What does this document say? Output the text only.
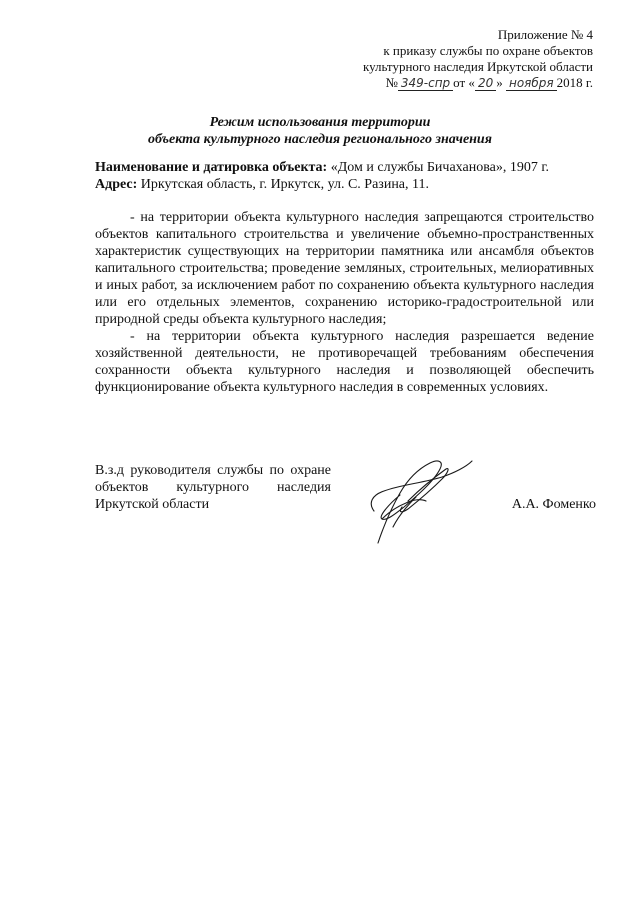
Приложение № 4
к приказу службы по охране объектов
культурного наследия Иркутской области
№ 349-спр от « 20 » ноября 2018 г.
Режим использования территории
объекта культурного наследия регионального значения
Наименование и датировка объекта: «Дом и службы Бичаханова», 1907 г.
Адрес: Иркутская область, г. Иркутск, ул. С. Разина, 11.

- на территории объекта культурного наследия запрещаются строительство объектов капитального строительства и увеличение объемно-пространственных характеристик существующих на территории памятника или ансамбля объектов капитального строительства; проведение земляных, строительных, мелиоративных и иных работ, за исключением работ по сохранению объекта культурного наследия или его отдельных элементов, сохранению историко-градостроительной или природной среды объекта культурного наследия;

- на территории объекта культурного наследия разрешается ведение хозяйственной деятельности, не противоречащей требованиям обеспечения сохранности объекта культурного наследия и позволяющей обеспечить функционирование объекта культурного наследия в современных условиях.

В.з.д руководителя службы по охране объектов культурного наследия Иркутской области	А.А. Фоменко
